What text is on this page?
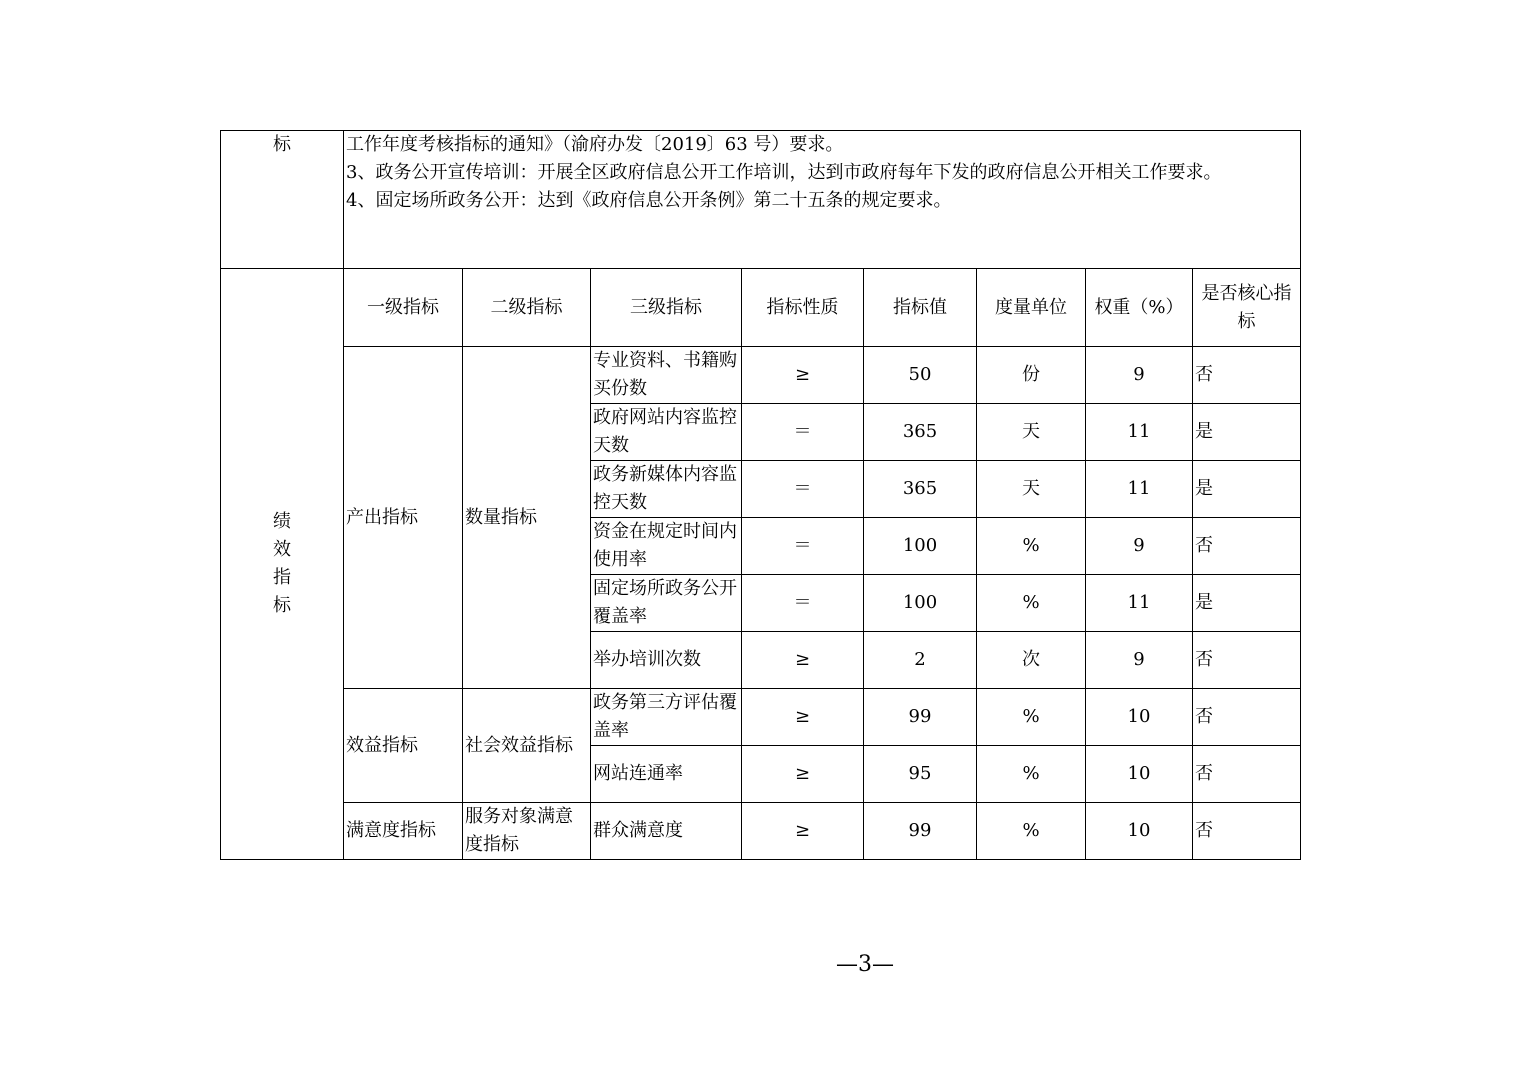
标	工作年度考核指标的通知》（渝府办发〔2019〕63 号）要求。
3、政务公开宣传培训：开展全区政府信息公开工作培训，达到市政府每年下发的政府信息公开相关工作要求。
4、固定场所政务公开：达到《政府信息公开条例》第二十五条的规定要求。							

绩
效
指
标	一级指标	二级指标	三级指标	指标性质	指标值	度量单位	权重（%）	是否核心指标
	产出指标	数量指标	专业资料、书籍购买份数	≥	50	份	9	否
			政府网站内容监控天数	＝	365	天	11	是
			政务新媒体内容监控天数	＝	365	天	11	是
			资金在规定时间内使用率	＝	100	%	9	否
			固定场所政务公开覆盖率	＝	100	%	11	是
			举办培训次数	≥	2	次	9	否
	效益指标	社会效益指标	政务第三方评估覆盖率	≥	99	%	10	否
			网站连通率	≥	95	%	10	否
	满意度指标	服务对象满意度指标	群众满意度	≥	99	%	10	否
—3—
